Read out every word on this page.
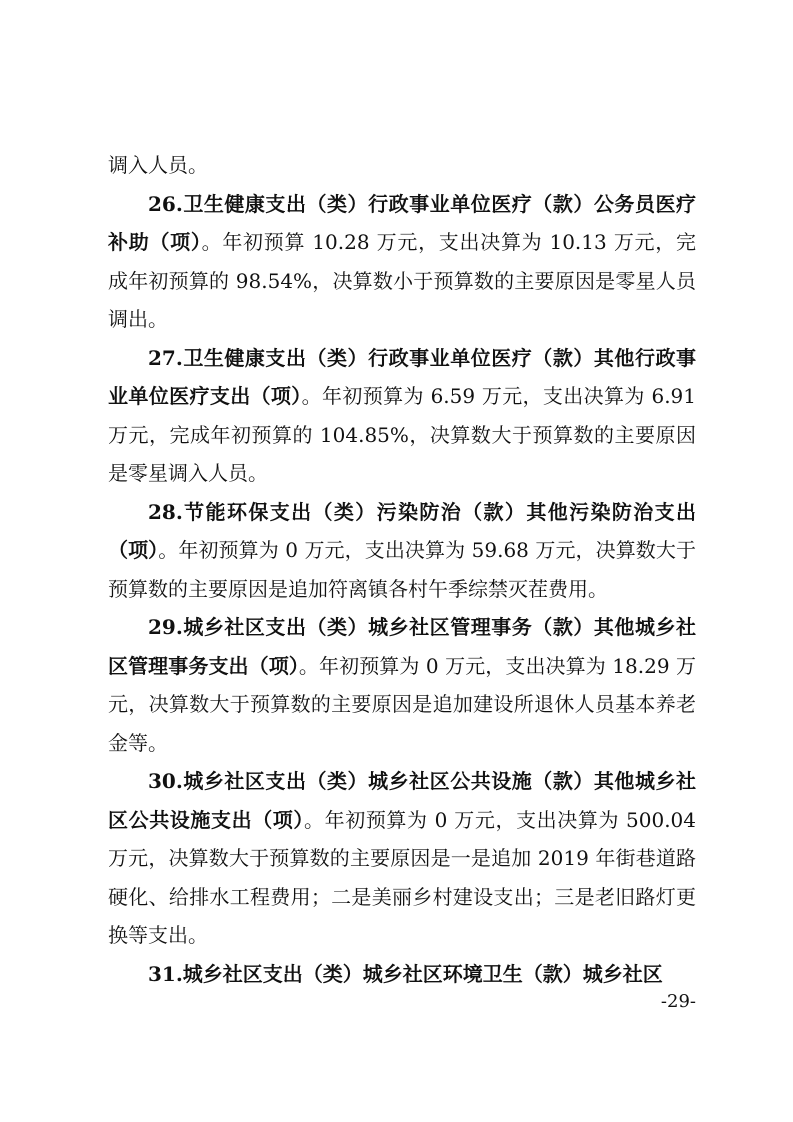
调入人员。

26.卫生健康支出（类）行政事业单位医疗（款）公务员医疗补助（项）。年初预算 10.28 万元，支出决算为 10.13 万元，完成年初预算的 98.54%，决算数小于预算数的主要原因是零星人员调出。

27.卫生健康支出（类）行政事业单位医疗（款）其他行政事业单位医疗支出（项）。年初预算为 6.59 万元，支出决算为 6.91 万元，完成年初预算的 104.85%，决算数大于预算数的主要原因是零星调入人员。

28.节能环保支出（类）污染防治（款）其他污染防治支出（项）。年初预算为 0 万元，支出决算为 59.68 万元，决算数大于预算数的主要原因是追加符离镇各村午季综禁灭茬费用。

29.城乡社区支出（类）城乡社区管理事务（款）其他城乡社区管理事务支出（项）。年初预算为 0 万元，支出决算为 18.29 万元，决算数大于预算数的主要原因是追加建设所退休人员基本养老金等。

30.城乡社区支出（类）城乡社区公共设施（款）其他城乡社区公共设施支出（项）。年初预算为 0 万元，支出决算为 500.04 万元，决算数大于预算数的主要原因是一是追加 2019 年街巷道路硬化、给排水工程费用；二是美丽乡村建设支出；三是老旧路灯更换等支出。

31.城乡社区支出（类）城乡社区环境卫生（款）城乡社区

-29-
